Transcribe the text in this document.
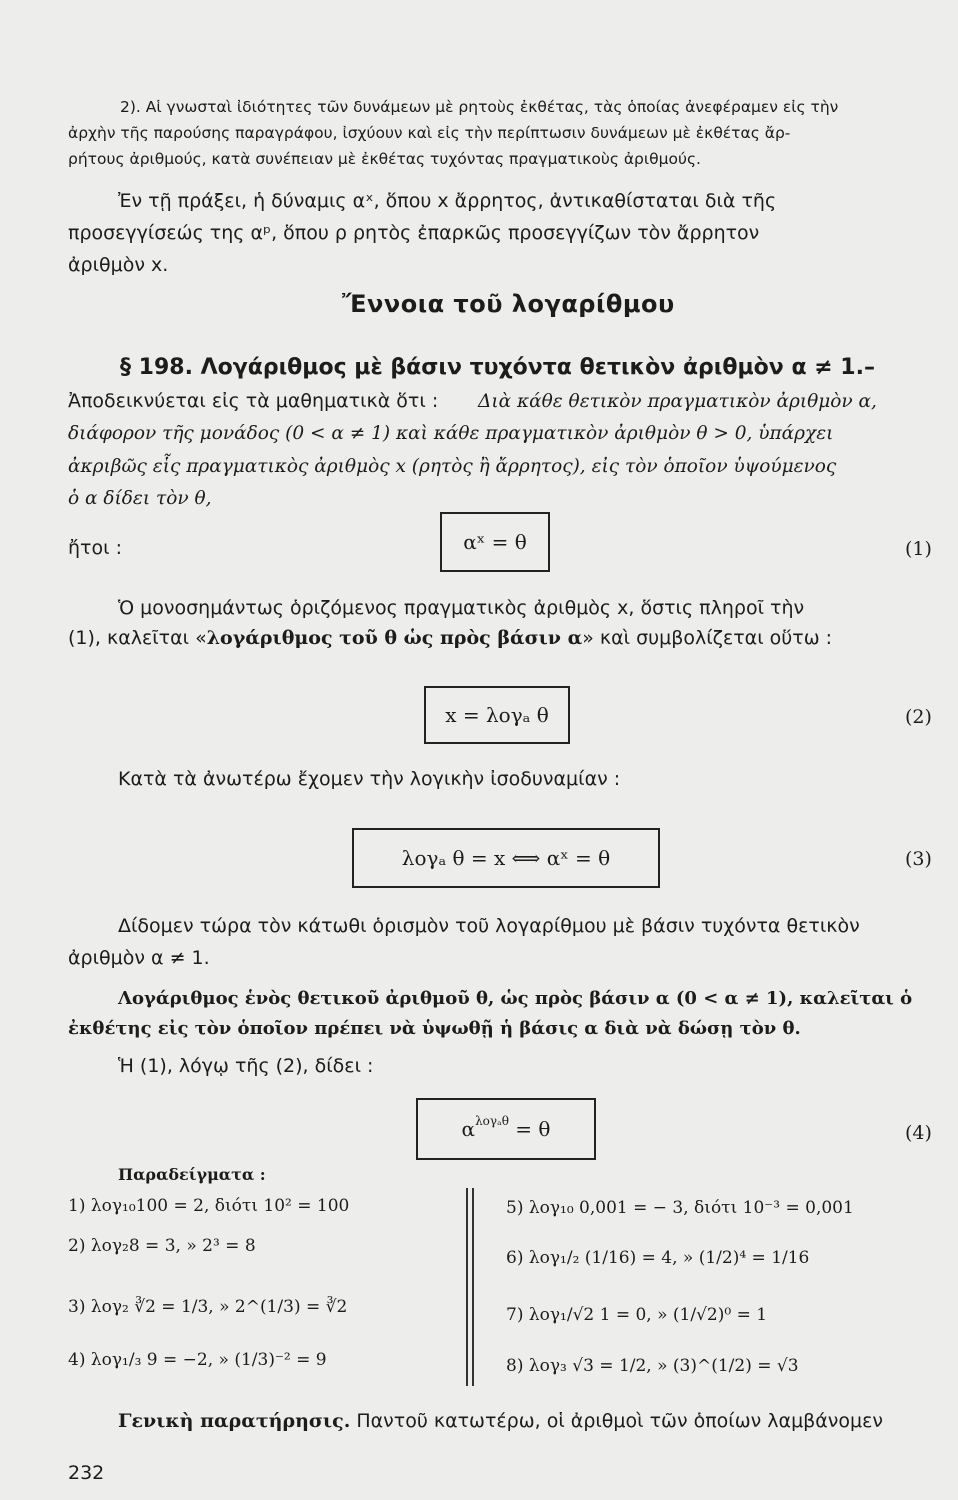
2). Αἱ γνωσταὶ ἰδιότητες τῶν δυνάμεων μὲ ρητοὺς ἐκθέτας, τὰς ὁποίας ἀνεφέραμεν εἰς τὴν
ἀρχὴν τῆς παρούσης παραγράφου, ἰσχύουν καὶ εἰς τὴν περίπτωσιν δυνάμεων μὲ ἐκθέτας ἄρ-
ρήτους ἀριθμούς, κατὰ συνέπειαν μὲ ἐκθέτας τυχόντας πραγματικοὺς ἀριθμούς.
Ἐν τῇ πράξει, ἡ δύναμις αˣ, ὅπου x ἄρρητος, ἀντικαθίσταται διὰ τῆς
προσεγγίσεώς της αᵖ, ὅπου ρ ρητὸς ἐπαρκῶς προσεγγίζων τὸν ἄρρητον
ἀριθμὸν x.
Ἔννοια τοῦ λογαρίθμου
§ 198. Λογάριθμος μὲ βάσιν τυχόντα θετικὸν ἀριθμὸν α ≠ 1.–
Ἀποδεικνύεται εἰς τὰ μαθηματικὰ ὅτι : Διὰ κάθε θετικὸν πραγματικὸν ἀριθμὸν α,
διάφορον τῆς μονάδος (0 < α ≠ 1) καὶ κάθε πραγματικὸν ἀριθμὸν θ > 0, ὑπάρχει
ἀκριβῶς εἷς πραγματικὸς ἀριθμὸς x (ρητὸς ἢ ἄρρητος), εἰς τὸν ὁποῖον ὑψούμενος
ὁ α δίδει τὸν θ,
ἤτοι :	αˣ = θ	(1)
Ὁ μονοσημάντως ὁριζόμενος πραγματικὸς ἀριθμὸς x, ὅστις πληροῖ τὴν
(1), καλεῖται «λογάριθμος τοῦ θ ὡς πρὸς βάσιν α» καὶ συμβολίζεται οὕτω :
x = λογₐ θ	(2)
Κατὰ τὰ ἀνωτέρω ἔχομεν τὴν λογικὴν ἰσοδυναμίαν :
λογₐ θ = x ⟺ αˣ = θ	(3)
Δίδομεν τώρα τὸν κάτωθι ὁρισμὸν τοῦ λογαρίθμου μὲ βάσιν τυχόντα θετικὸν
ἀριθμὸν α ≠ 1.
Λογάριθμος ἑνὸς θετικοῦ ἀριθμοῦ θ, ὡς πρὸς βάσιν α (0 < α ≠ 1), καλεῖται ὁ
ἐκθέτης εἰς τὸν ὁποῖον πρέπει νὰ ὑψωθῇ ἡ βάσις α διὰ νὰ δώσῃ τὸν θ.
Ἡ (1), λόγῳ τῆς (2), δίδει :
$\alpha^{\lambda o\gamma_a\theta}$
= θ	(4)
Παραδείγματα :
1) λογ₁₀100 = 2, διότι 10² = 100
2) λογ₂8 = 3, » 2³ = 8
3) λογ₂ ∛2 = 1/3, » 2^(1/3) = ∛2
4) λογ₁/₃ 9 = −2, » (1/3)⁻² = 9
5) λογ₁₀ 0,001 = − 3, διότι 10⁻³ = 0,001
6) λογ₁/₂ (1/16) = 4, » (1/2)⁴ = 1/16
7) λογ₁/√2 1 = 0, » (1/√2)⁰ = 1
8) λογ₃ √3 = 1/2, » (3)^(1/2) = √3
Γενικὴ παρατήρησις. Παντοῦ κατωτέρω, οἱ ἀριθμοὶ τῶν ὁποίων λαμβάνομεν
232
